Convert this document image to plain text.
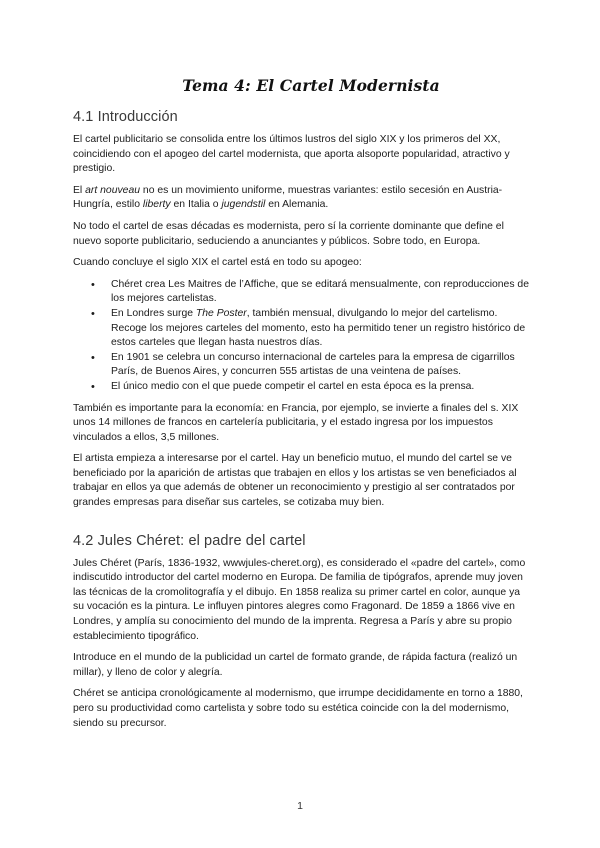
Tema 4: El Cartel Modernista
4.1 Introducción

El cartel publicitario se consolida entre los últimos lustros del siglo XIX y los primeros del XX, coincidiendo con el apogeo del cartel modernista, que aporta alsoporte popularidad, atractivo y prestigio.

El art nouveau no es un movimiento uniforme, muestras variantes: estilo secesión en Austria-Hungría, estilo liberty en Italia o jugendstil en Alemania.

No todo el cartel de esas décadas es modernista, pero sí la corriente dominante que define el nuevo soporte publicitario, seduciendo a anunciantes y públicos. Sobre todo, en Europa.

Cuando concluye el siglo XIX el cartel está en todo su apogeo:

• Chéret crea Les Maitres de l’Affiche, que se editará mensualmente, con reproducciones de los mejores cartelistas.
• En Londres surge The Poster, también mensual, divulgando lo mejor del cartelismo. Recoge los mejores carteles del momento, esto ha permitido tener un registro histórico de estos carteles que llegan hasta nuestros días.
• En 1901 se celebra un concurso internacional de carteles para la empresa de cigarrillos París, de Buenos Aires, y concurren 555 artistas de una veintena de países.
• El único medio con el que puede competir el cartel en esta época es la prensa.

También es importante para la economía: en Francia, por ejemplo, se invierte a finales del s. XIX unos 14 millones de francos en cartelería publicitaria, y el estado ingresa por los impuestos vinculados a ellos, 3,5 millones.

El artista empieza a interesarse por el cartel. Hay un beneficio mutuo, el mundo del cartel se ve beneficiado por la aparición de artistas que trabajen en ellos y los artistas se ven beneficiados al trabajar en ellos ya que además de obtener un reconocimiento y prestigio al ser contratados por grandes empresas para diseñar sus carteles, se cotizaba muy bien.

4.2 Jules Chéret: el padre del cartel

Jules Chéret (París, 1836-1932, wwwjules-cheret.org), es considerado el «padre del cartel», como indiscutido introductor del cartel moderno en Europa. De familia de tipógrafos, aprende muy joven las técnicas de la cromolitografía y el dibujo. En 1858 realiza su primer cartel en color, aunque ya su vocación es la pintura. Le influyen pintores alegres como Fragonard. De 1859 a 1866 vive en Londres, y amplía su conocimiento del mundo de la imprenta. Regresa a París y abre su propio establecimiento tipográfico.

Introduce en el mundo de la publicidad un cartel de formato grande, de rápida factura (realizó un millar), y lleno de color y alegría.

Chéret se anticipa cronológicamente al modernismo, que irrumpe decididamente en torno a 1880, pero su productividad como cartelista y sobre todo su estética coincide con la del modernismo, siendo su precursor.

1
